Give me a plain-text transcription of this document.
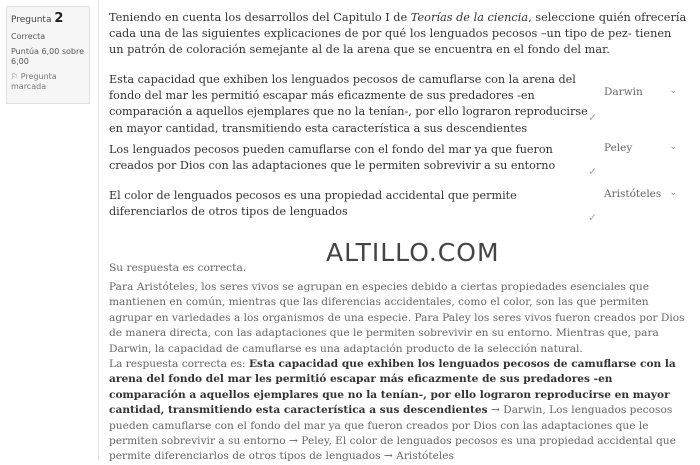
Pregunta 2
Correcta
Puntúa 6,00 sobre 6,00
⚐ Pregunta marcada
Teniendo en cuenta los desarrollos del Capitulo I de Teorías de la ciencia, seleccione quién ofrecería cada una de las siguientes explicaciones de por qué los lenguados pecosos –un tipo de pez- tienen un patrón de coloración semejante al de la arena que se encuentra en el fondo del mar.
Esta capacidad que exhiben los lenguados pecosos de camuflarse con la arena del fondo del mar les permitió escapar más eficazmente de sus predadores -en comparación a aquellos ejemplares que no la tenían-, por ello lograron reproducirse en mayor cantidad, transmitiendo esta característica a sus descendientes
Darwin	⌄
✓
Los lenguados pecosos pueden camuflarse con el fondo del mar ya que fueron creados por Dios con las adaptaciones que le permiten sobrevivir a su entorno
Peley	⌄
✓
El color de lenguados pecosos es una propiedad accidental que permite diferenciarlos de otros tipos de lenguados
Aristóteles ⌄
✓
Su respuesta es correcta.
Para Aristóteles, los seres vivos se agrupan en especies debido a ciertas propiedades esenciales que mantienen en común, mientras que las diferencias accidentales, como el color, son las que permiten agrupar en variedades a los organismos de una especie. Para Paley los seres vivos fueron creados por Dios de manera directa, con las adaptaciones que le permiten sobrevivir en su entorno. Mientras que, para Darwin, la capacidad de camuflarse es una adaptación producto de la selección natural.
La respuesta correcta es: Esta capacidad que exhiben los lenguados pecosos de camuflarse con la arena del fondo del mar les permitió escapar más eficazmente de sus predadores -en comparación a aquellos ejemplares que no la tenían-, por ello lograron reproducirse en mayor cantidad, transmitiendo esta característica a sus descendientes → Darwin, Los lenguados pecosos pueden camuflarse con el fondo del mar ya que fueron creados por Dios con las adaptaciones que le permiten sobrevivir a su entorno → Peley, El color de lenguados pecosos es una propiedad accidental que permite diferenciarlos de otros tipos de lenguados → Aristóteles
ALTILLO.COM
